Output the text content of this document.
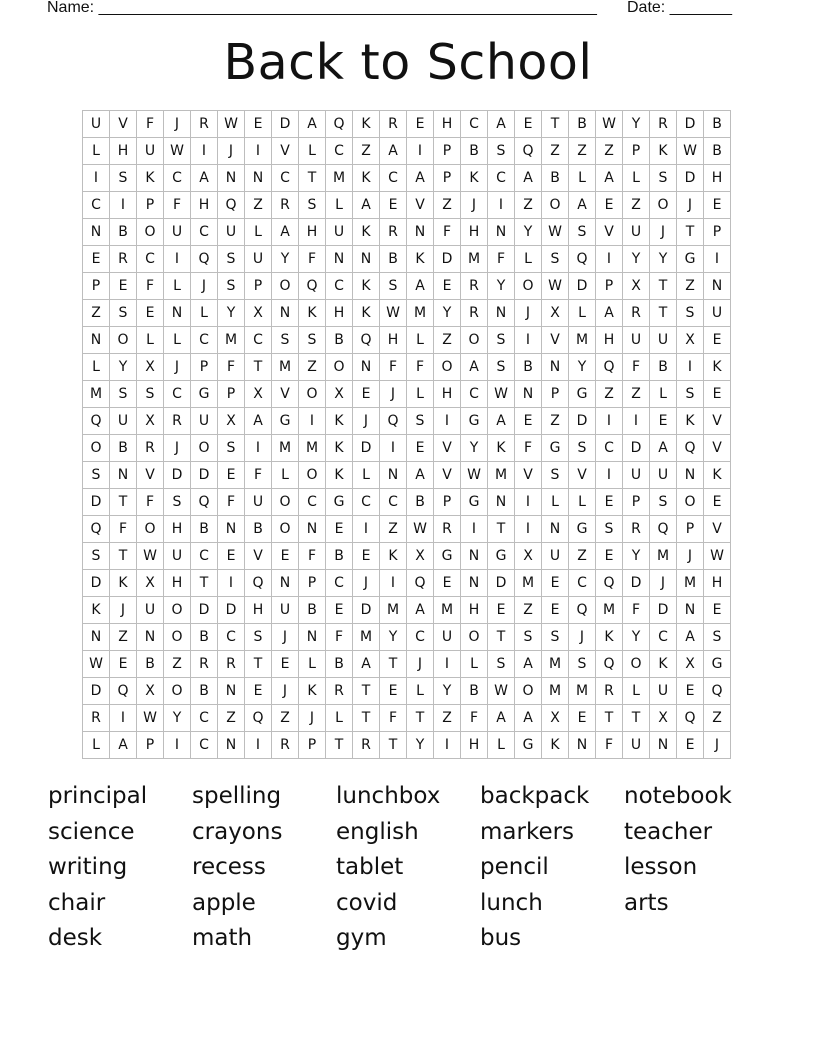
Name: ________________________________________________________ Date: _______
Back to School
U	V	F	J	R	W	E	D	A	Q	K	R	E	H	C	A	E	T	B	W	Y	R	D	B
L	H	U	W	I	J	I	V	L	C	Z	A	I	P	B	S	Q	Z	Z	Z	P	K	W	B
I	S	K	C	A	N	N	C	T	M	K	C	A	P	K	C	A	B	L	A	L	S	D	H
C	I	P	F	H	Q	Z	R	S	L	A	E	V	Z	J	I	Z	O	A	E	Z	O	J	E
N	B	O	U	C	U	L	A	H	U	K	R	N	F	H	N	Y	W	S	V	U	J	T	P
E	R	C	I	Q	S	U	Y	F	N	N	B	K	D	M	F	L	S	Q	I	Y	Y	G	I
P	E	F	L	J	S	P	O	Q	C	K	S	A	E	R	Y	O	W	D	P	X	T	Z	N
Z	S	E	N	L	Y	X	N	K	H	K	W	M	Y	R	N	J	X	L	A	R	T	S	U
N	O	L	L	C	M	C	S	S	B	Q	H	L	Z	O	S	I	V	M	H	U	U	X	E
L	Y	X	J	P	F	T	M	Z	O	N	F	F	O	A	S	B	N	Y	Q	F	B	I	K
M	S	S	C	G	P	X	V	O	X	E	J	L	H	C	W	N	P	G	Z	Z	L	S	E
Q	U	X	R	U	X	A	G	I	K	J	Q	S	I	G	A	E	Z	D	I	I	E	K	V
O	B	R	J	O	S	I	M	M	K	D	I	E	V	Y	K	F	G	S	C	D	A	Q	V
S	N	V	D	D	E	F	L	O	K	L	N	A	V	W	M	V	S	V	I	U	U	N	K
D	T	F	S	Q	F	U	O	C	G	C	C	B	P	G	N	I	L	L	E	P	S	O	E
Q	F	O	H	B	N	B	O	N	E	I	Z	W	R	I	T	I	N	G	S	R	Q	P	V
S	T	W	U	C	E	V	E	F	B	E	K	X	G	N	G	X	U	Z	E	Y	M	J	W
D	K	X	H	T	I	Q	N	P	C	J	I	Q	E	N	D	M	E	C	Q	D	J	M	H
K	J	U	O	D	D	H	U	B	E	D	M	A	M	H	E	Z	E	Q	M	F	D	N	E
N	Z	N	O	B	C	S	J	N	F	M	Y	C	U	O	T	S	S	J	K	Y	C	A	S
W	E	B	Z	R	R	T	E	L	B	A	T	J	I	L	S	A	M	S	Q	O	K	X	G
D	Q	X	O	B	N	E	J	K	R	T	E	L	Y	B	W	O	M	M	R	L	U	E	Q
R	I	W	Y	C	Z	Q	Z	J	L	T	F	T	Z	F	A	A	X	E	T	T	X	Q	Z
L	A	P	I	C	N	I	R	P	T	R	T	Y	I	H	L	G	K	N	F	U	N	E	J
principal	spelling	lunchbox	backpack	notebook
science	crayons	english	markers	teacher
writing	recess	tablet	pencil	lesson
chair	apple	covid	lunch	arts
desk	math	gym	bus
